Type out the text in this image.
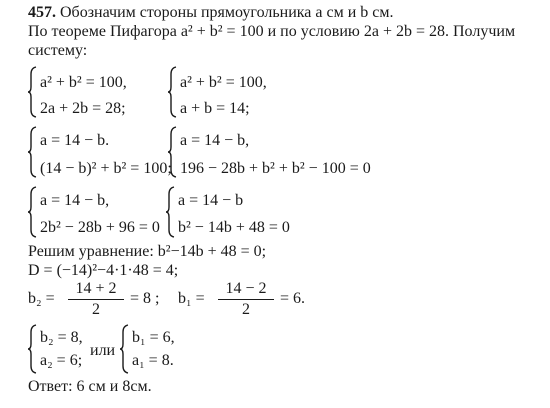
457. Обозначим стороны прямоугольника a см и b см.
По теореме Пифагора a² + b² = 100 и по условию 2a + 2b = 28. Получим
систему:
a² + b² = 100,
2a + 2b = 28;
a² + b² = 100,
a + b = 14;
a = 14 − b.
(14 − b)² + b² = 100;
a = 14 − b,
196 − 28b + b² + b² − 100 = 0
a = 14 − b,
2b² − 28b + 96 = 0
a = 14 − b
b² − 14b + 48 = 0
Решим уравнение: b²−14b + 48 = 0;
D = (−14)²−4·1·48 = 4;
b₂ =
14 + 2
2
= 8 ; b₁ =
14 − 2
2
= 6.
b₂ = 8,
a₂ = 6;
или
b₁ = 6,
a₁ = 8.
Ответ: 6 см и 8см.
